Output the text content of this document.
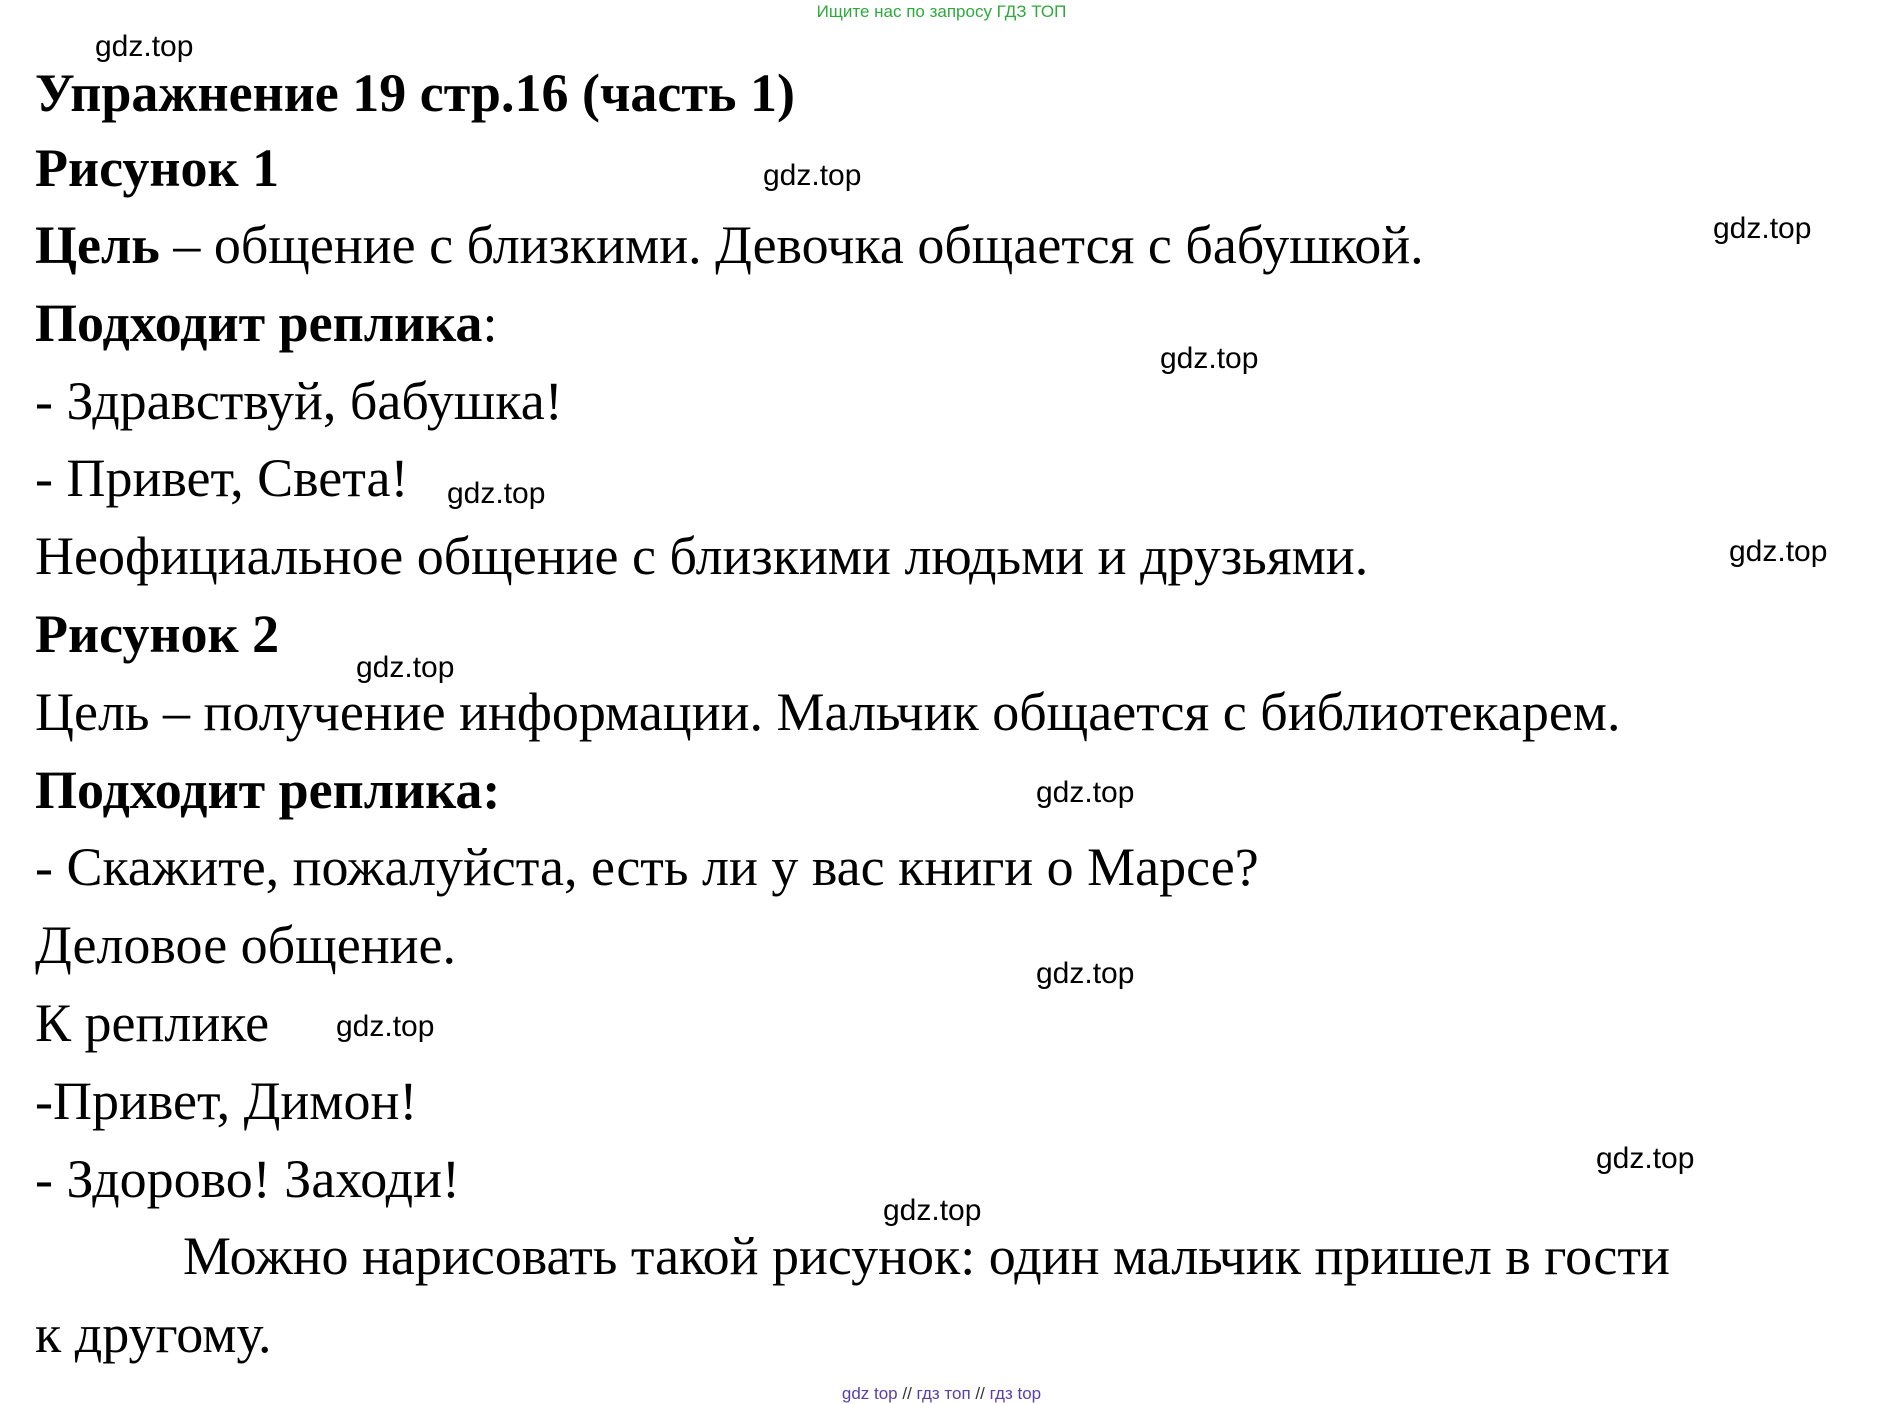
Ищите нас по запросу ГДЗ ТОП
Упражнение 19 стр.16 (часть 1)
Рисунок 1
Цель – общение с близкими. Девочка общается с бабушкой.
Подходит реплика:
- Здравствуй, бабушка!
- Привет, Света!
Неофициальное общение с близкими людьми и друзьями.
Рисунок 2
Цель – получение информации. Мальчик общается с библиотекарем.
Подходит реплика:
- Скажите, пожалуйста, есть ли у вас книги о Марсе?
Деловое общение.
К реплике
-Привет, Димон!
- Здорово! Заходи!
Можно нарисовать такой рисунок: один мальчик пришел в гости
к другому.
gdz.top
gdz.top
gdz.top
gdz.top
gdz.top
gdz.top
gdz.top
gdz.top
gdz.top
gdz.top
gdz.top
gdz.top
gdz top // гдз топ // гдз top
